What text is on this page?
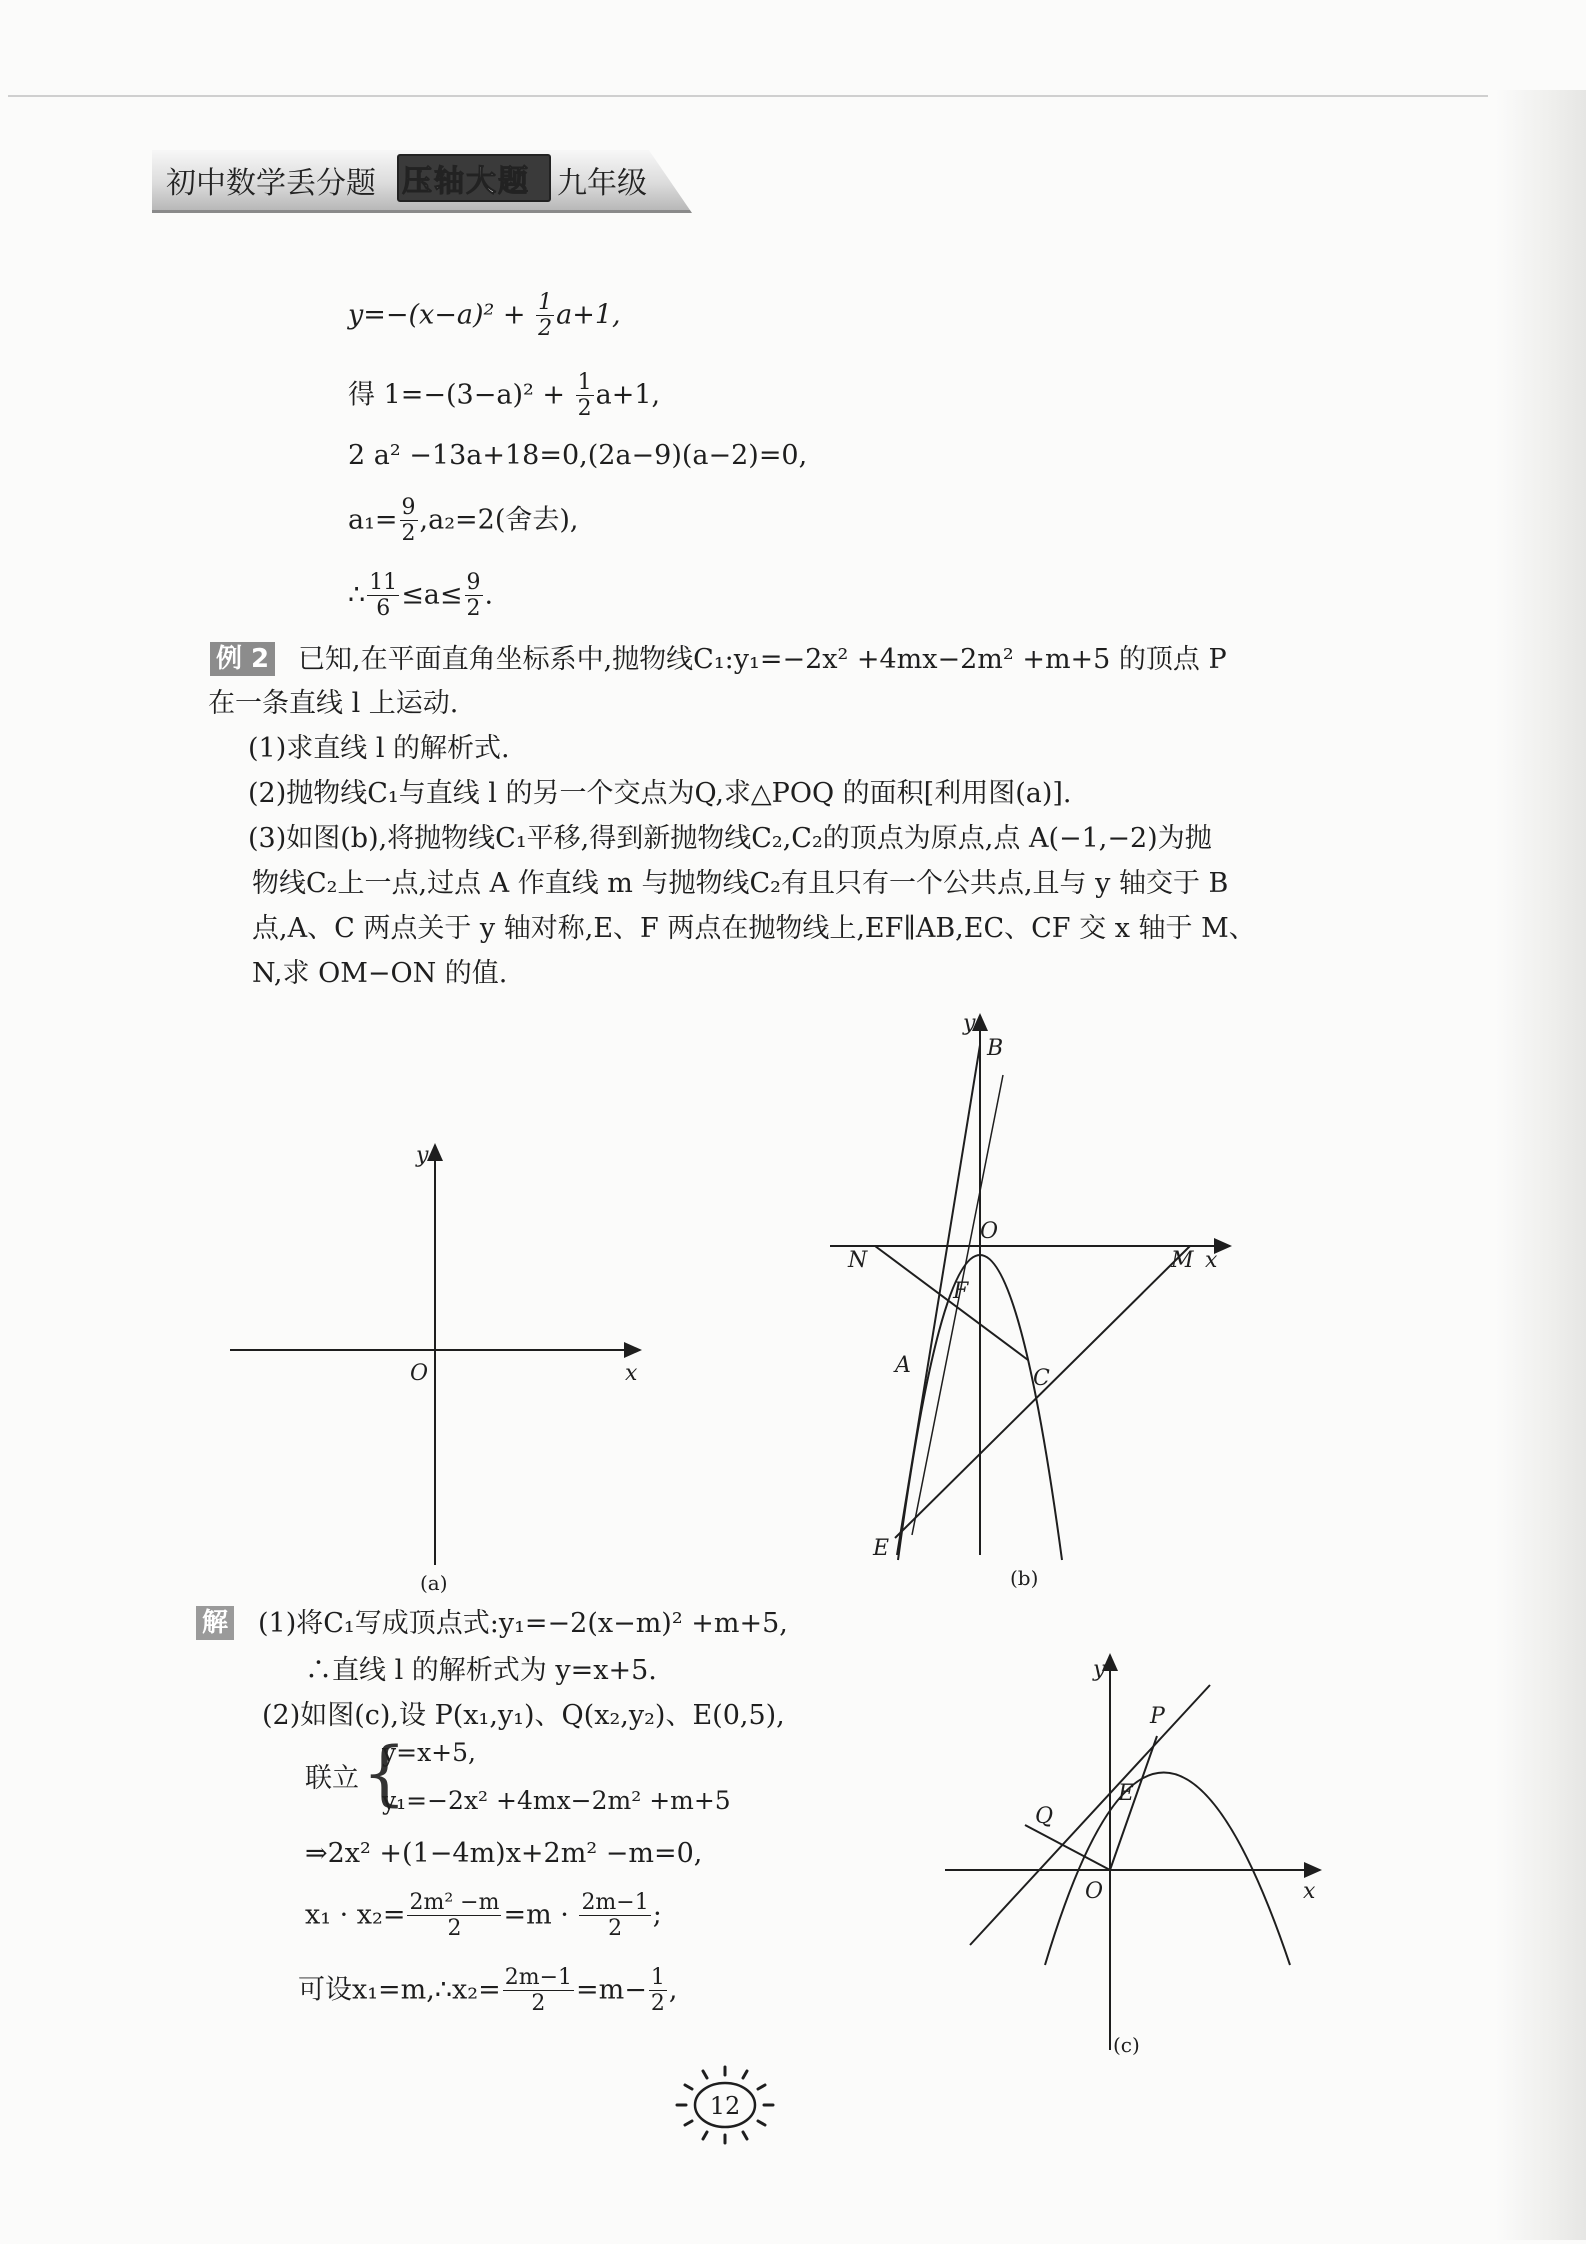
初中数学丢分题 压轴大题 九年级
$y=-(x-a)^2 + \frac{1}{2} a+1$,
得 $1=-(3-a)^2 + \frac{1}{2} a+1$,
2 a² −13a+18=0,(2a−9)(a−2)=0,
$a_1= \frac{9}{2} ,a_2=2$(舍去),
∴ $\frac{11}{6} \le a\le \frac{9}{2}$ .
例 2 已知,在平面直角坐标系中,抛物线C₁:y₁=−2x² +4mx−2m² +m+5 的顶点 P
在一条直线 l 上运动.
(1)求直线 l 的解析式.
(2)抛物线C₁与直线 l 的另一个交点为Q,求△POQ 的面积[利用图(a)].
(3)如图(b),将抛物线C₁平移,得到新抛物线C₂,C₂的顶点为原点,点 A(−1,−2)为抛
物线C₂上一点,过点 A 作直线 m 与抛物线C₂有且只有一个公共点,且与 y 轴交于 B
点,A、C 两点关于 y 轴对称,E、F 两点在抛物线上,EF∥AB,EC、CF 交 x 轴于 M、
N,求 OM−ON 的值.
y
x
O
(a)
y
B
O
N	M x
F
A
C
E
(b)
解 (1)将C₁写成顶点式:y₁=−2(x−m)² +m+5,
∴直线 l 的解析式为 y=x+5.
(2)如图(c),设 P(x₁,y₁)、Q(x₂,y₂)、E(0,5),
联立 {
y=x+5,
y₁=−2x² +4mx−2m² +m+5
⇒2x² +(1−4m)x+2m² −m=0,
$x_1 \cdot x_2= \frac{\text{2m² −m}}{2} =m \cdot \frac{2m-1}{2}$ ;
可设x₁=m,∴x₂= $\frac{2m-1}{2} =m- \frac{1}{2}$ ,
y
P
E
Q
O	x
(c)
12
